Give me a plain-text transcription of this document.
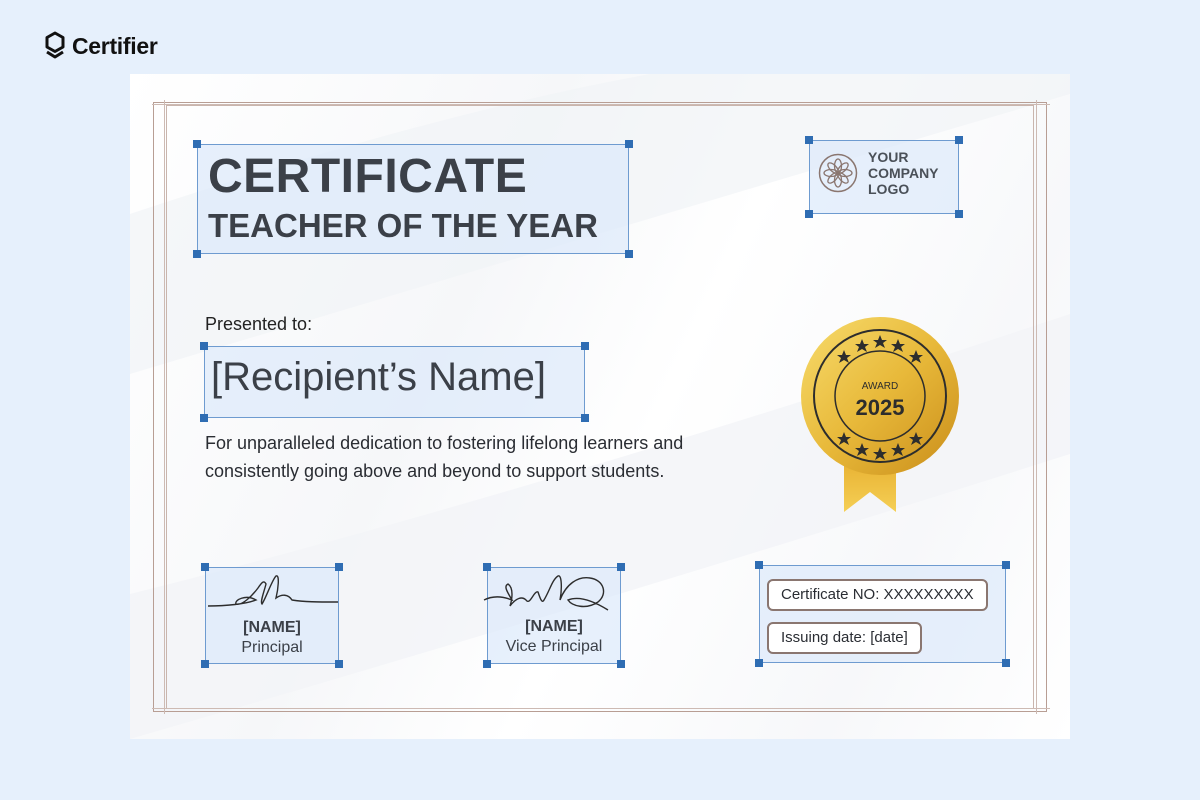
Certifier
CERTIFICATE
TEACHER OF THE YEAR
YOUR
COMPANY
LOGO
Presented to:
[Recipient’s Name]
For unparalleled dedication to fostering lifelong learners and consistently going above and beyond to support students.
AWARD
2025
[NAME]
Principal
[NAME]
Vice Principal
Certificate NO: XXXXXXXXX
Issuing date: [date]
